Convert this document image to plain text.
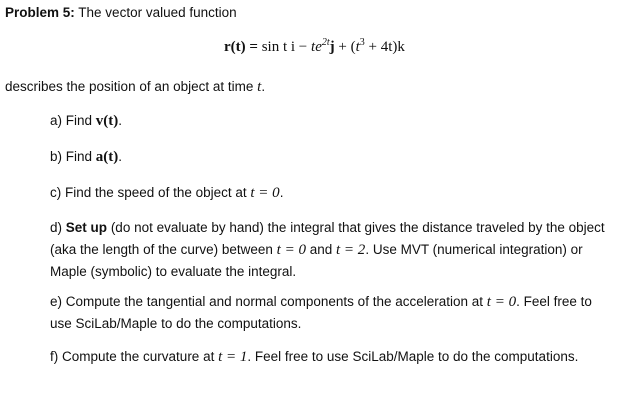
Problem 5: The vector valued function
r(t) = sin t $i - te^{2t}j + (t^3 + 4t)k$
describes the position of an object at time t.
a) Find v(t).
b) Find a(t).
c) Find the speed of the object at t = 0.
d) Set up (do not evaluate by hand) the integral that gives the distance traveled by the object
(aka the length of the curve) between t = 0 and t = 2. Use MVT (numerical integration) or
Maple (symbolic) to evaluate the integral.
e) Compute the tangential and normal components of the acceleration at t = 0. Feel free to
use SciLab/Maple to do the computations.
f) Compute the curvature at t = 1. Feel free to use SciLab/Maple to do the computations.
